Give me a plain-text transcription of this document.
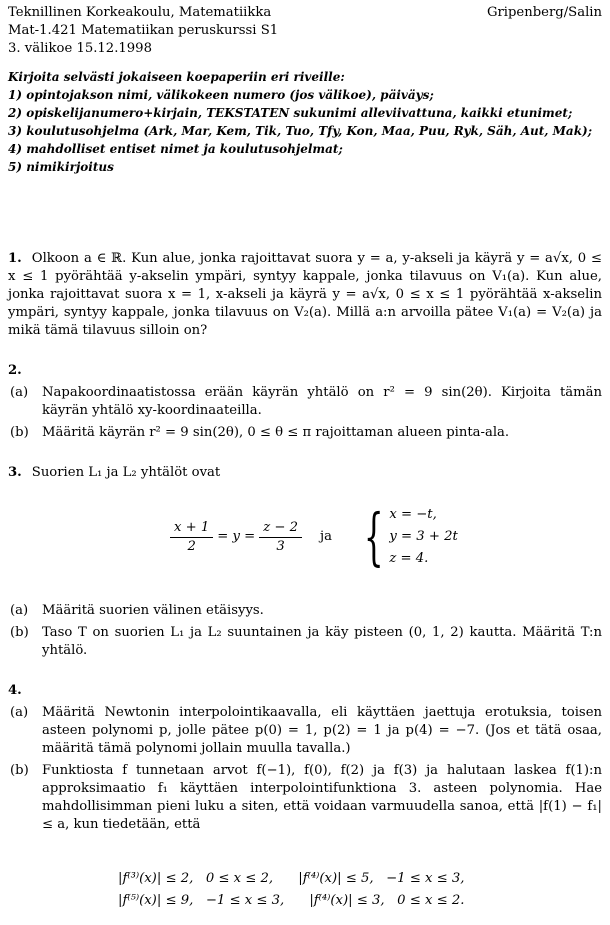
Teknillinen Korkeakoulu, Matematiikka
Mat-1.421 Matematiikan peruskurssi S1
3. välikoe 15.12.1998
Gripenberg/Salin
Kirjoita selvästi jokaiseen koepaperiin eri riveille:
1) opintojakson nimi, välikokeen numero (jos välikoe), päiväys;
2) opiskelijanumero+kirjain, TEKSTATEN sukunimi alleviivattuna, kaikki etunimet;
3) koulutusohjelma (Ark, Mar, Kem, Tik, Tuo, Tfy, Kon, Maa, Puu, Ryk, Säh, Aut, Mak);
4) mahdolliset entiset nimet ja koulutusohjelmat;
5) nimikirjoitus
1. Olkoon a ∈ ℝ. Kun alue, jonka rajoittavat suora y = a, y-akseli ja käyrä y = a√x, 0 ≤ x ≤ 1 pyörähtää y-akselin ympäri, syntyy kappale, jonka tilavuus on V₁(a). Kun alue, jonka rajoittavat suora x = 1, x-akseli ja käyrä y = a√x, 0 ≤ x ≤ 1 pyörähtää x-akselin ympäri, syntyy kappale, jonka tilavuus on V₂(a). Millä a:n arvoilla pätee V₁(a) = V₂(a) ja mikä tämä tilavuus silloin on?
2.
(a)	Napakoordinaatistossa erään käyrän yhtälö on r² = 9 sin(2θ). Kirjoita tämän käyrän yhtälö xy-koordinaateilla.
(b)	Määritä käyrän r² = 9 sin(2θ), 0 ≤ θ ≤ π rajoittaman alueen pinta-ala.
3. Suorien L₁ ja L₂ yhtälöt ovat
$\frac{x + 1}{2} = y = \frac{z - 2}{3}$ ja { x = −t,
y = 3 + 2t
z = 4.
(a)	Määritä suorien välinen etäisyys.
(b)	Taso T on suorien L₁ ja L₂ suuntainen ja käy pisteen (0, 1, 2) kautta. Määritä T:n yhtälö.
4.
(a)	Määritä Newtonin interpolointikaavalla, eli käyttäen jaettuja erotuksia, toisen asteen polynomi p, jolle pätee p(0) = 1, p(2) = 1 ja p(4) = −7. (Jos et tätä osaa, määritä tämä polynomi jollain muulla tavalla.)
(b)	Funktiosta f tunnetaan arvot f(−1), f(0), f(2) ja f(3) ja halutaan laskea f(1):n approksimaatio f₁ käyttäen interpolointifunktiona 3. asteen polynomia. Hae mahdollisimman pieni luku a siten, että voidaan varmuudella sanoa, että |f(1) − f₁| ≤ a, kun tiedetään, että
|f⁽³⁾(x)| ≤ 2,   0 ≤ x ≤ 2,      |f⁽⁴⁾(x)| ≤ 5,   −1 ≤ x ≤ 3,
|f⁽⁵⁾(x)| ≤ 9,   −1 ≤ x ≤ 3,      |f⁽⁴⁾(x)| ≤ 3,   0 ≤ x ≤ 2.
